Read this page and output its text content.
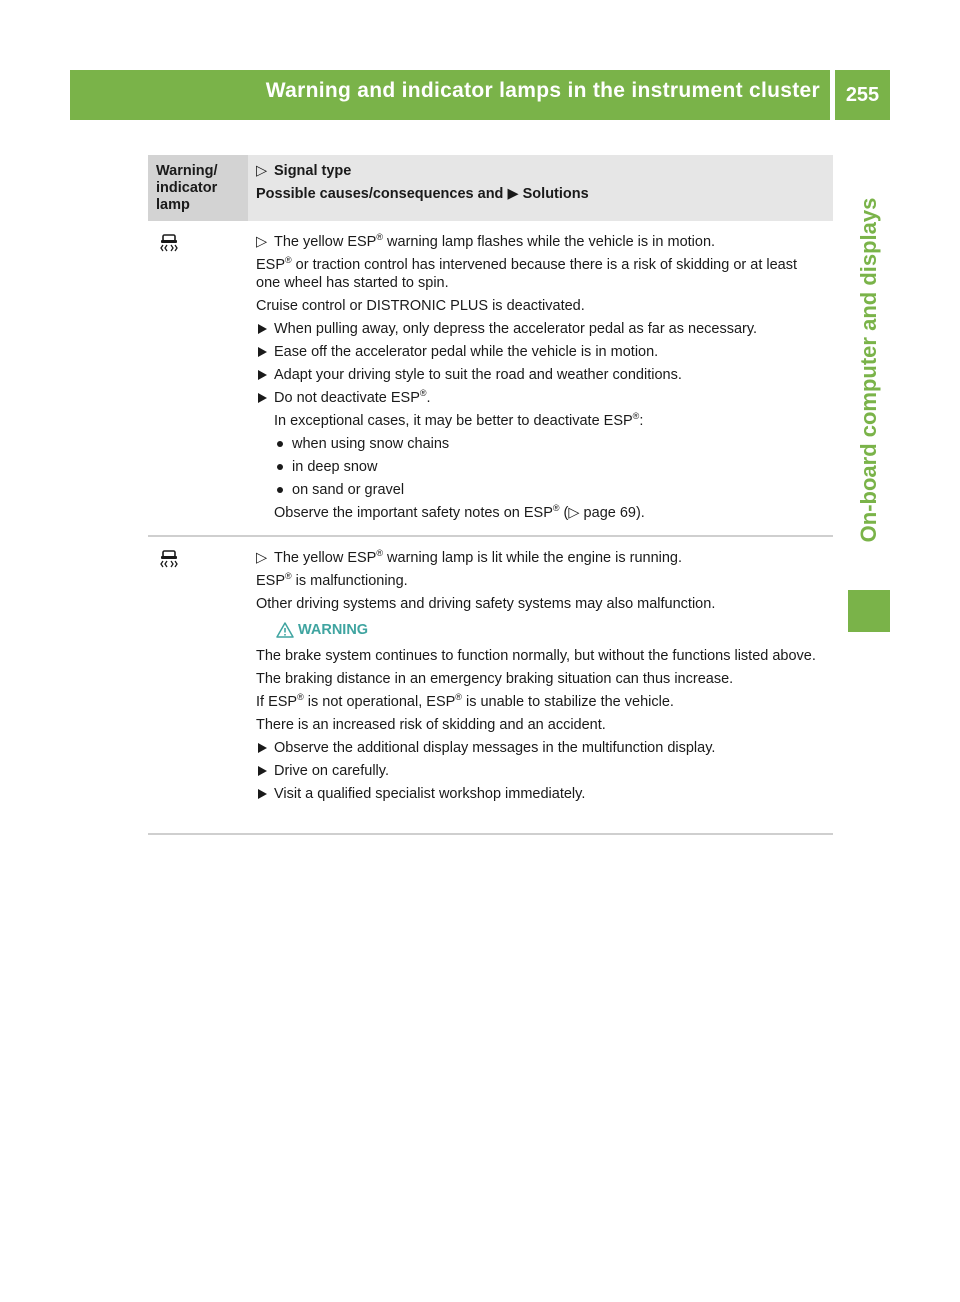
Warning and indicator lamps in the instrument cluster	255
On-board computer and displays
Warning/ indicator lamp
▷ Signal type
Possible causes/consequences and ▶ Solutions

▷ The yellow ESP® warning lamp flashes while the vehicle is in motion.

ESP® or traction control has intervened because there is a risk of skidding or at least one wheel has started to spin.

Cruise control or DISTRONIC PLUS is deactivated.

When pulling away, only depress the accelerator pedal as far as necessary.

Ease off the accelerator pedal while the vehicle is in motion.

Adapt your driving style to suit the road and weather conditions.

Do not deactivate ESP®.

In exceptional cases, it may be better to deactivate ESP®:

when using snow chains

in deep snow

on sand or gravel

Observe the important safety notes on ESP® (▷ page 69).

▷ The yellow ESP® warning lamp is lit while the engine is running.

ESP® is malfunctioning.

Other driving systems and driving safety systems may also malfunction.

WARNING

The brake system continues to function normally, but without the functions listed above.

The braking distance in an emergency braking situation can thus increase.

If ESP® is not operational, ESP® is unable to stabilize the vehicle.

There is an increased risk of skidding and an accident.

Observe the additional display messages in the multifunction display.

Drive on carefully.

Visit a qualified specialist workshop immediately.
